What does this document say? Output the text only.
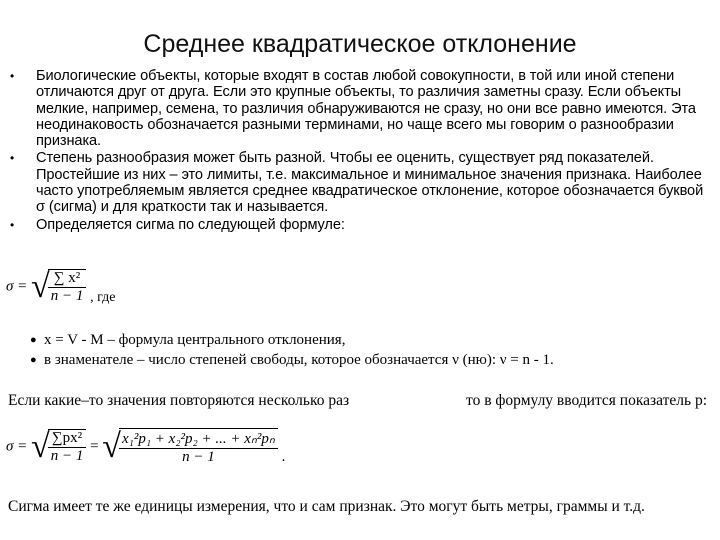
Среднее квадратическое отклонение
• Биологические объекты, которые входят в состав любой совокупности, в той или иной степени отличаются друг от друга. Если это крупные объекты, то различия заметны сразу. Если объекты мелкие, например, семена, то различия обнаруживаются не сразу, но они все равно имеются. Эта неодинаковость обозначается разными терминами, но чаще всего мы говорим о разнообразии признака.
• Степень разнообразия может быть разной. Чтобы ее оценить, существует ряд показателей. Простейшие из них – это лимиты, т.е. максимальное и минимальное значения признака. Наиболее часто употребляемым является среднее квадратическое отклонение, которое обозначается буквой σ (сигма) и для краткости так и называется.
• Определяется сигма по следующей формуле:
σ = √
$\frac{\text{∑ x²}}{n - 1}$ , где
● x = V - M – формула центрального отклонения,
● в знаменателе – число степеней свободы, которое обозначается ν (ню): ν = n - 1.
Если какие–то значения повторяются несколько раз	то в формулу вводится показатель p:
σ = √
$\frac{\text{∑px²}}{n - 1}$ = √
$\frac{\text{x₁²p₁ + x₂²p₂ + ... + xₙ²pₙ}}{n - 1}$ .
Сигма имеет те же единицы измерения, что и сам признак. Это могут быть метры, граммы и т.д.
